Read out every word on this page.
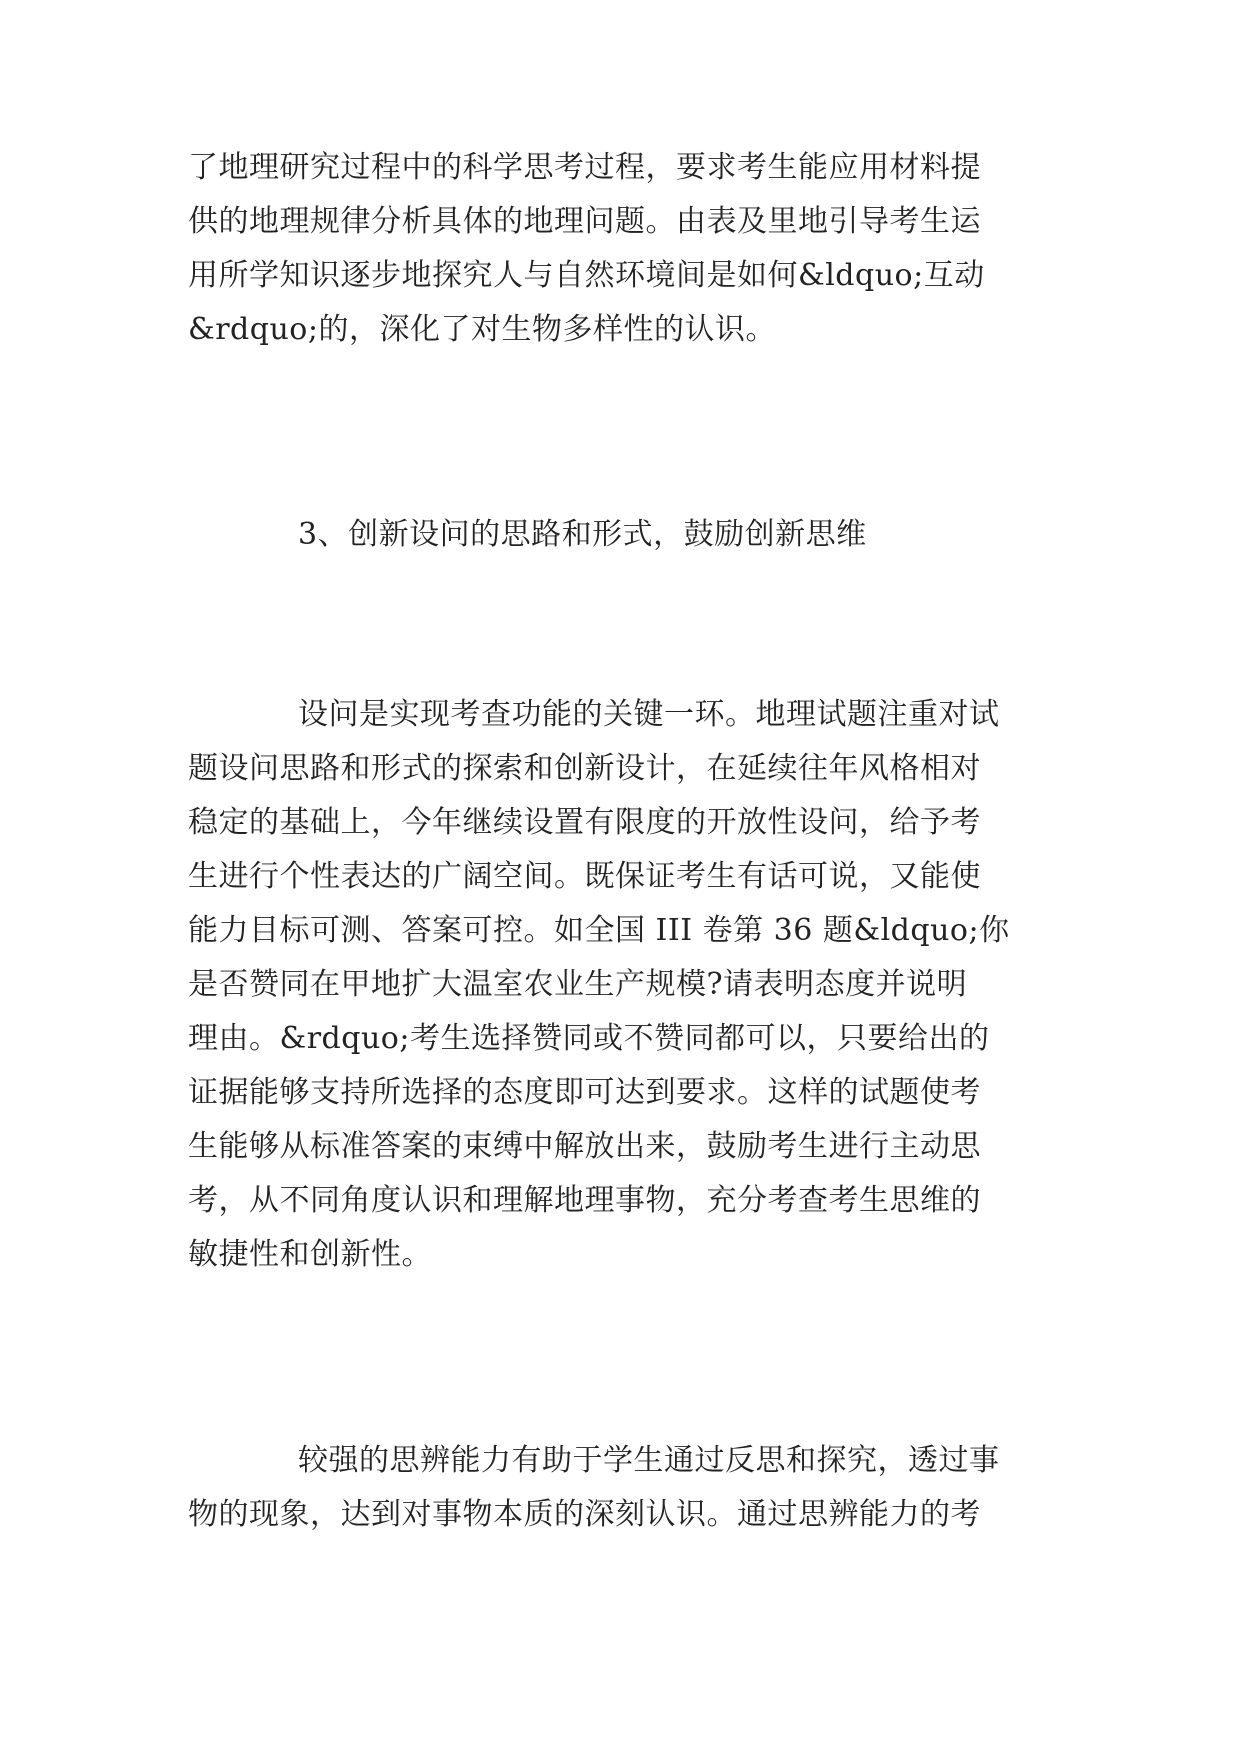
了地理研究过程中的科学思考过程，要求考生能应用材料提
供的地理规律分析具体的地理问题。由表及里地引导考生运
用所学知识逐步地探究人与自然环境间是如何&ldquo;互动
&rdquo;的，深化了对生物多样性的认识。
3、创新设问的思路和形式，鼓励创新思维
设问是实现考查功能的关键一环。地理试题注重对试
题设问思路和形式的探索和创新设计，在延续往年风格相对
稳定的基础上，今年继续设置有限度的开放性设问，给予考
生进行个性表达的广阔空间。既保证考生有话可说，又能使
能力目标可测、答案可控。如全国 III 卷第 36 题&ldquo;你
是否赞同在甲地扩大温室农业生产规模?请表明态度并说明
理由。&rdquo;考生选择赞同或不赞同都可以，只要给出的
证据能够支持所选择的态度即可达到要求。这样的试题使考
生能够从标准答案的束缚中解放出来，鼓励考生进行主动思
考，从不同角度认识和理解地理事物，充分考查考生思维的
敏捷性和创新性。
较强的思辨能力有助于学生通过反思和探究，透过事
物的现象，达到对事物本质的深刻认识。通过思辨能力的考
